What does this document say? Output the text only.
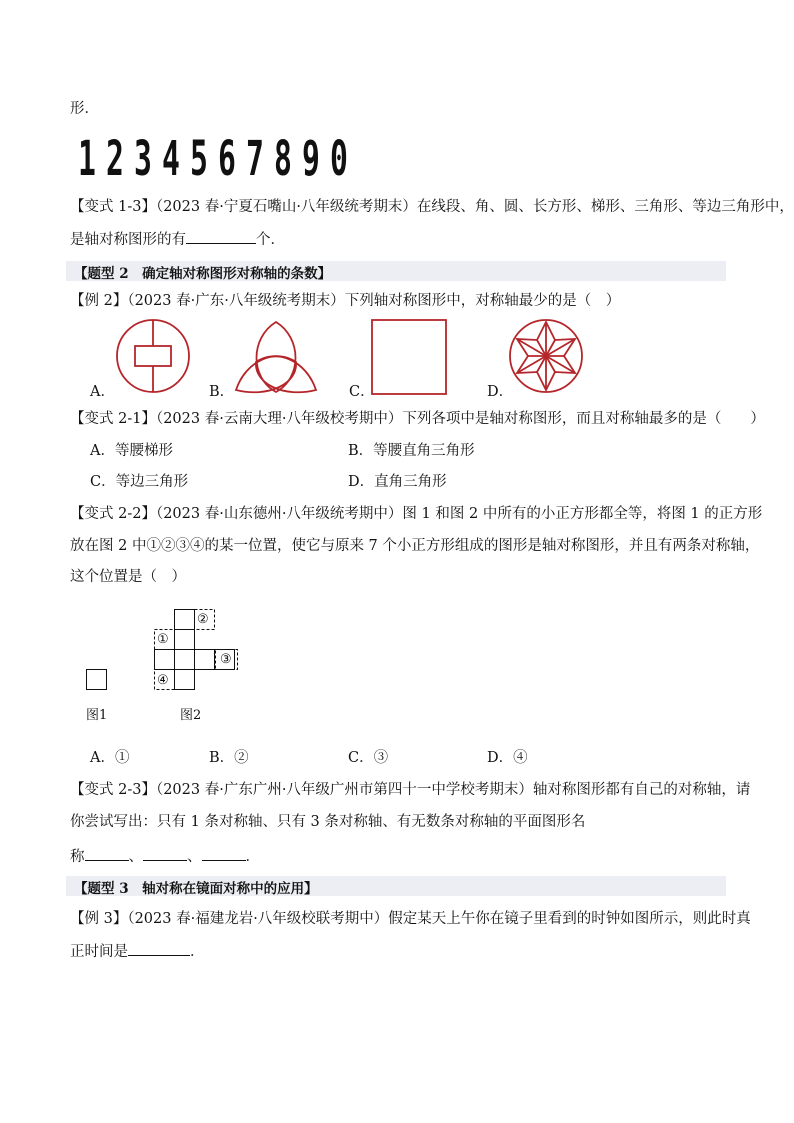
形．
1 2 3 4 5 6 7 8 9 0
【变式 1-3】（2023 春·宁夏石嘴山·八年级统考期末）在线段、角、圆、长方形、梯形、三角形、等边三角形中，
是轴对称图形的有	个．
【题型 2　确定轴对称图形对称轴的条数】
【例 2】（2023 春·广东·八年级统考期末）下列轴对称图形中，对称轴最少的是（　）
A．	B．	C．	D．
【变式 2-1】（2023 春·云南大理·八年级校考期中）下列各项中是轴对称图形，而且对称轴最多的是（　　）
A．等腰梯形	B．等腰直角三角形
C．等边三角形	D．直角三角形
【变式 2-2】（2023 春·山东德州·八年级统考期中）图 1 和图 2 中所有的小正方形都全等，将图 1 的正方形
放在图 2 中①②③④的某一位置，使它与原来 7 个小正方形组成的图形是轴对称图形，并且有两条对称轴，
这个位置是（　）
图1
①
②
③
④
图2
A．①	B．②	C．③	D．④
【变式 2-3】（2023 春·广东广州·八年级广州市第四十一中学校考期末）轴对称图形都有自己的对称轴，请
你尝试写出：只有 1 条对称轴、只有 3 条对称轴、有无数条对称轴的平面图形名
称	、	、	．
【题型 3　轴对称在镜面对称中的应用】
【例 3】（2023 春·福建龙岩·八年级校联考期中）假定某天上午你在镜子里看到的时钟如图所示，则此时真
正时间是	．
